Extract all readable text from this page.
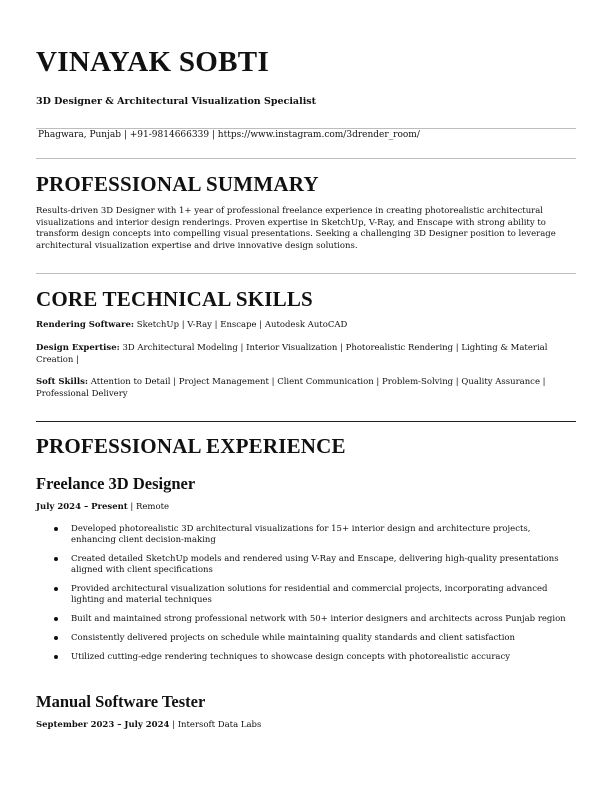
VINAYAK SOBTI
3D Designer & Architectural Visualization Specialist
Phagwara, Punjab | +91-9814666339 | https://www.instagram.com/3drender_room/
PROFESSIONAL SUMMARY
Results-driven 3D Designer with 1+ year of professional freelance experience in creating photorealistic architectural visualizations and interior design renderings. Proven expertise in SketchUp, V-Ray, and Enscape with strong ability to transform design concepts into compelling visual presentations. Seeking a challenging 3D Designer position to leverage architectural visualization expertise and drive innovative design solutions.
CORE TECHNICAL SKILLS
Rendering Software: SketchUp | V-Ray | Enscape | Autodesk AutoCAD
Design Expertise: 3D Architectural Modeling | Interior Visualization | Photorealistic Rendering | Lighting & Material Creation |
Soft Skills: Attention to Detail | Project Management | Client Communication | Problem-Solving | Quality Assurance | Professional Delivery
PROFESSIONAL EXPERIENCE
Freelance 3D Designer
July 2024 – Present | Remote
Developed photorealistic 3D architectural visualizations for 15+ interior design and architecture projects, enhancing client decision-making
Created detailed SketchUp models and rendered using V-Ray and Enscape, delivering high-quality presentations aligned with client specifications
Provided architectural visualization solutions for residential and commercial projects, incorporating advanced lighting and material techniques
Built and maintained strong professional network with 50+ interior designers and architects across Punjab region
Consistently delivered projects on schedule while maintaining quality standards and client satisfaction
Utilized cutting-edge rendering techniques to showcase design concepts with photorealistic accuracy
Manual Software Tester
September 2023 – July 2024 | Intersoft Data Labs
